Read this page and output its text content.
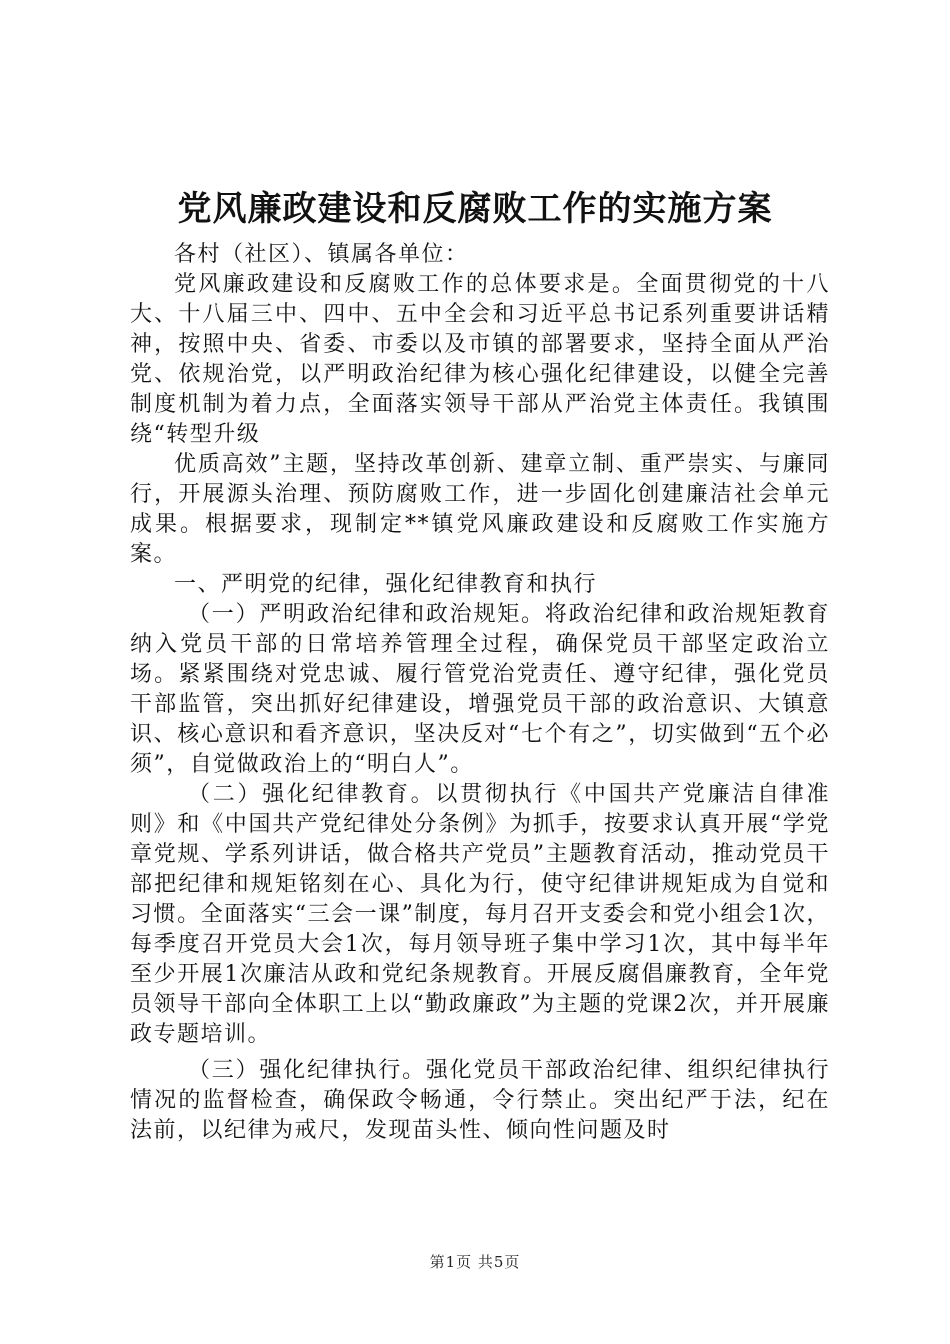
党风廉政建设和反腐败工作的实施方案

各村（社区）、镇属各单位：

党风廉政建设和反腐败工作的总体要求是。全面贯彻党的十八大、十八届三中、四中、五中全会和习近平总书记系列重要讲话精神，按照中央、省委、市委以及市镇的部署要求，坚持全面从严治党、依规治党，以严明政治纪律为核心强化纪律建设，以健全完善制度机制为着力点，全面落实领导干部从严治党主体责任。我镇围绕“转型升级

优质高效”主题，坚持改革创新、建章立制、重严崇实、与廉同行，开展源头治理、预防腐败工作，进一步固化创建廉洁社会单元成果。根据要求，现制定**镇党风廉政建设和反腐败工作实施方案。

一、严明党的纪律，强化纪律教育和执行

（一）严明政治纪律和政治规矩。将政治纪律和政治规矩教育纳入党员干部的日常培养管理全过程，确保党员干部坚定政治立场。紧紧围绕对党忠诚、履行管党治党责任、遵守纪律，强化党员干部监管，突出抓好纪律建设，增强党员干部的政治意识、大镇意识、核心意识和看齐意识，坚决反对“七个有之”，切实做到“五个必须”，自觉做政治上的“明白人”。

（二）强化纪律教育。以贯彻执行《中国共产党廉洁自律准则》和《中国共产党纪律处分条例》为抓手，按要求认真开展“学党章党规、学系列讲话，做合格共产党员”主题教育活动，推动党员干部把纪律和规矩铭刻在心、具化为行，使守纪律讲规矩成为自觉和习惯。全面落实“三会一课”制度，每月召开支委会和党小组会1次，每季度召开党员大会1次，每月领导班子集中学习1次，其中每半年至少开展1次廉洁从政和党纪条规教育。开展反腐倡廉教育，全年党员领导干部向全体职工上以“勤政廉政”为主题的党课2次，并开展廉政专题培训。

（三）强化纪律执行。强化党员干部政治纪律、组织纪律执行情况的监督检查，确保政令畅通，令行禁止。突出纪严于法，纪在法前，以纪律为戒尺，发现苗头性、倾向性问题及时

第1页 共5页
